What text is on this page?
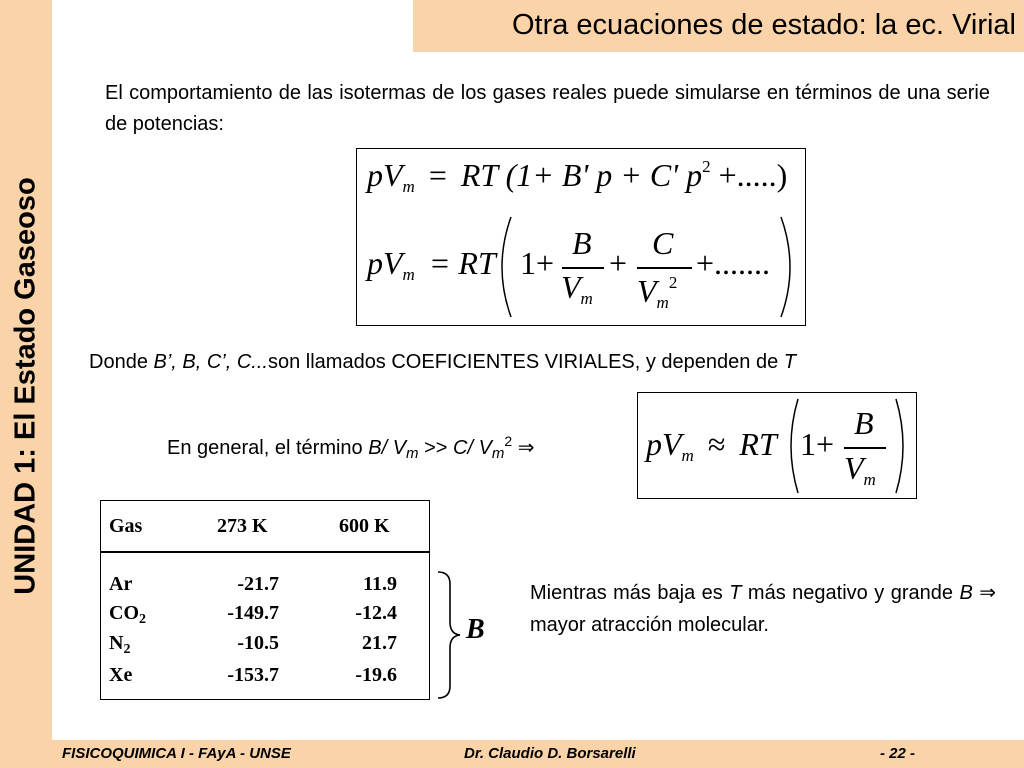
UNIDAD 1: El Estado Gaseoso
Otra ecuaciones de estado: la ec. Virial
El comportamiento de las isotermas de los gases reales puede simularse en términos de una serie de potencias:
$pV_m$ = RT (1+ B' p + C' $p^2$ +.....)
$pV_m$ = RT 1+
B
$V_m$
+
C
$V_m^2$
+.......
Donde B’, B, C’, C...son llamados COEFICIENTES VIRIALES, y dependen de T
En general, el término B/ $V_m >> C/$ $V_m^2$ ⇒	$pV_m$ ≈ RT 1+
B
$V_m$
Gas	273 K	600 K
Ar	-21.7	11.9
$CO_2$	-149.7	-12.4
$N_2$	-10.5	21.7
Xe	-153.7	-19.6
B
Mientras más baja es T más negativo y grande B ⇒ mayor atracción molecular.
FISICOQUIMICA I - FAyA - UNSE	Dr. Claudio D. Borsarelli	- 22 -
